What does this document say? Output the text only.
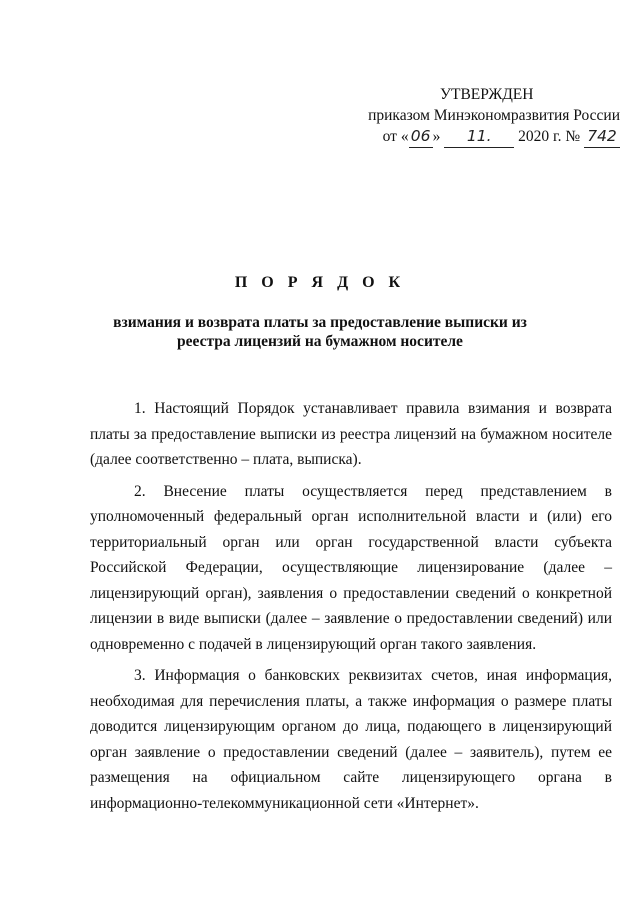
УТВЕРЖДЕН
приказом Минэкономразвития России
от « 06 » 11. 2020 г. № 742
П О Р Я Д О К
взимания и возврата платы за предоставление выписки из реестра лицензий на бумажном носителе

1. Настоящий Порядок устанавливает правила взимания и возврата платы за предоставление выписки из реестра лицензий на бумажном носителе (далее соответственно – плата, выписка).

2. Внесение платы осуществляется перед представлением в уполномоченный федеральный орган исполнительной власти и (или) его территориальный орган или орган государственной власти субъекта Российской Федерации, осуществляющие лицензирование (далее – лицензирующий орган), заявления о предоставлении сведений о конкретной лицензии в виде выписки (далее – заявление о предоставлении сведений) или одновременно с подачей в лицензирующий орган такого заявления.

3. Информация о банковских реквизитах счетов, иная информация, необходимая для перечисления платы, а также информация о размере платы доводится лицензирующим органом до лица, подающего в лицензирующий орган заявление о предоставлении сведений (далее – заявитель), путем ее размещения на официальном сайте лицензирующего органа в информационно-телекоммуникационной сети «Интернет».
